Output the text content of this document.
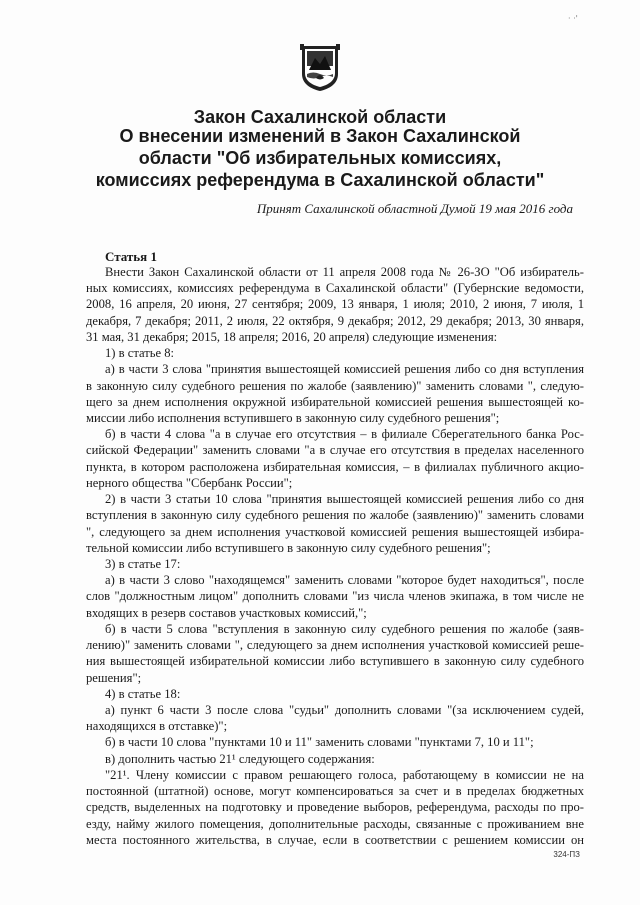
· ·'
Закон Сахалинской области
О внесении изменений в Закон Сахалинской
области "Об избирательных комиссиях,
комиссиях референдума в Сахалинской области"
Принят Сахалинской областной Думой 19 мая 2016 года
Статья 1
Внести Закон Сахалинской области от 11 апреля 2008 года № 26-ЗО "Об избиратель-
ных комиссиях, комиссиях референдума в Сахалинской области" (Губернские ведомости,
2008, 16 апреля, 20 июня, 27 сентября; 2009, 13 января, 1 июля; 2010, 2 июня, 7 июля, 1
декабря, 7 декабря; 2011, 2 июля, 22 октября, 9 декабря; 2012, 29 декабря; 2013, 30 января,
31 мая, 31 декабря; 2015, 18 апреля; 2016, 20 апреля) следующие изменения:
1) в статье 8:
а) в части 3 слова "принятия вышестоящей комиссией решения либо со дня вступления
в законную силу судебного решения по жалобе (заявлению)" заменить словами ", следую-
щего за днем исполнения окружной избирательной комиссией решения вышестоящей ко-
миссии либо исполнения вступившего в законную силу судебного решения";
б) в части 4 слова "а в случае его отсутствия – в филиале Сберегательного банка Рос-
сийской Федерации" заменить словами "а в случае его отсутствия в пределах населенного
пункта, в котором расположена избирательная комиссия, – в филиалах публичного акцио-
нерного общества "Сбербанк России";
2) в части 3 статьи 10 слова "принятия вышестоящей комиссией решения либо со дня
вступления в законную силу судебного решения по жалобе (заявлению)" заменить словами
", следующего за днем исполнения участковой комиссией решения вышестоящей избира-
тельной комиссии либо вступившего в законную силу судебного решения";
3) в статье 17:
а) в части 3 слово "находящемся" заменить словами "которое будет находиться", после
слов "должностным лицом" дополнить словами "из числа членов экипажа, в том числе не
входящих в резерв составов участковых комиссий,";
б) в части 5 слова "вступления в законную силу судебного решения по жалобе (заяв-
лению)" заменить словами ", следующего за днем исполнения участковой комиссией реше-
ния вышестоящей избирательной комиссии либо вступившего в законную силу судебного
решения";
4) в статье 18:
а) пункт 6 части 3 после слова "судьи" дополнить словами "(за исключением судей,
находящихся в отставке)";
б) в части 10 слова "пунктами 10 и 11" заменить словами "пунктами 7, 10 и 11";
в) дополнить частью 21¹ следующего содержания:
"21¹. Члену комиссии с правом решающего голоса, работающему в комиссии не на
постоянной (штатной) основе, могут компенсироваться за счет и в пределах бюджетных
средств, выделенных на подготовку и проведение выборов, референдума, расходы по про-
езду, найму жилого помещения, дополнительные расходы, связанные с проживанием вне
места постоянного жительства, в случае, если в соответствии с решением комиссии он
324-ПЗ
